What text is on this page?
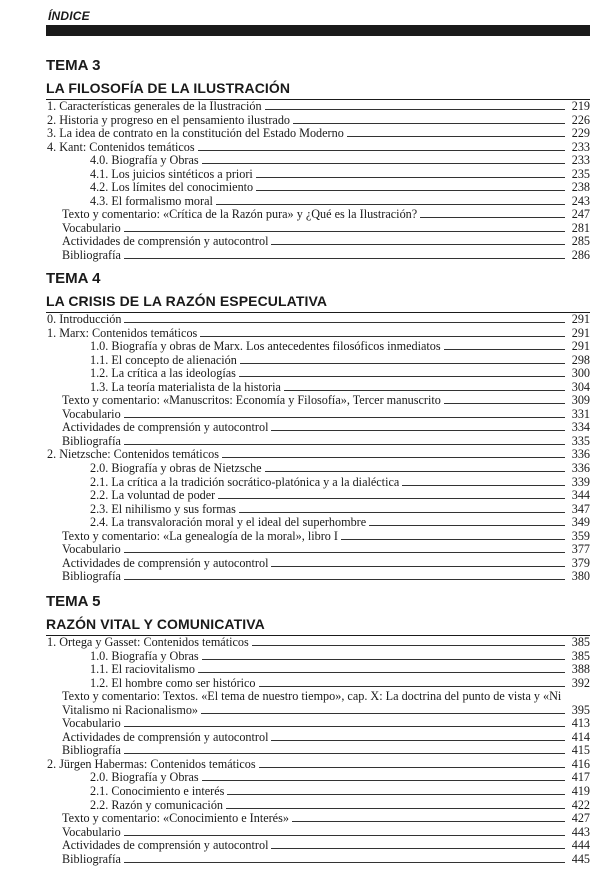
ÍNDICE
TEMA 3
LA FILOSOFÍA DE LA ILUSTRACIÓN
1. Características generales de la Ilustración	219
2. Historia y progreso en el pensamiento ilustrado	226
3. La idea de contrato en la constitución del Estado Moderno	229
4. Kant: Contenidos temáticos	233
4.0. Biografía y Obras	233
4.1. Los juicios sintéticos a priori	235
4.2. Los límites del conocimiento	238
4.3. El formalismo moral	243
Texto y comentario: «Crítica de la Razón pura» y ¿Qué es la Ilustración?	247
Vocabulario	281
Actividades de comprensión y autocontrol	285
Bibliografía	286
TEMA 4
LA CRISIS DE LA RAZÓN ESPECULATIVA
0. Introducción	291
1. Marx: Contenidos temáticos	291
1.0. Biografía y obras de Marx. Los antecedentes filosóficos inmediatos	291
1.1. El concepto de alienación	298
1.2. La crítica a las ideologías	300
1.3. La teoría materialista de la historia	304
Texto y comentario: «Manuscritos: Economía y Filosofía», Tercer manuscrito	309
Vocabulario	331
Actividades de comprensión y autocontrol	334
Bibliografía	335
2. Nietzsche: Contenidos temáticos	336
2.0. Biografía y obras de Nietzsche	336
2.1. La crítica a la tradición socrático-platónica y a la dialéctica	339
2.2. La voluntad de poder	344
2.3. El nihilismo y sus formas	347
2.4. La transvaloración moral y el ideal del superhombre	349
Texto y comentario: «La genealogía de la moral», libro I	359
Vocabulario	377
Actividades de comprensión y autocontrol	379
Bibliografía	380
TEMA 5
RAZÓN VITAL Y COMUNICATIVA
1. Ortega y Gasset: Contenidos temáticos	385
1.0. Biografía y Obras	385
1.1. El raciovitalismo	388
1.2. El hombre como ser histórico	392
Texto y comentario: Textos. «El tema de nuestro tiempo», cap. X: La doctrina del punto de vista y «Ni
Vitalismo ni Racionalismo»	395
Vocabulario	413
Actividades de comprensión y autocontrol	414
Bibliografía	415
2. Jürgen Habermas: Contenidos temáticos	416
2.0. Biografía y Obras	417
2.1. Conocimiento e interés	419
2.2. Razón y comunicación	422
Texto y comentario: «Conocimiento e Interés»	427
Vocabulario	443
Actividades de comprensión y autocontrol	444
Bibliografía	445
